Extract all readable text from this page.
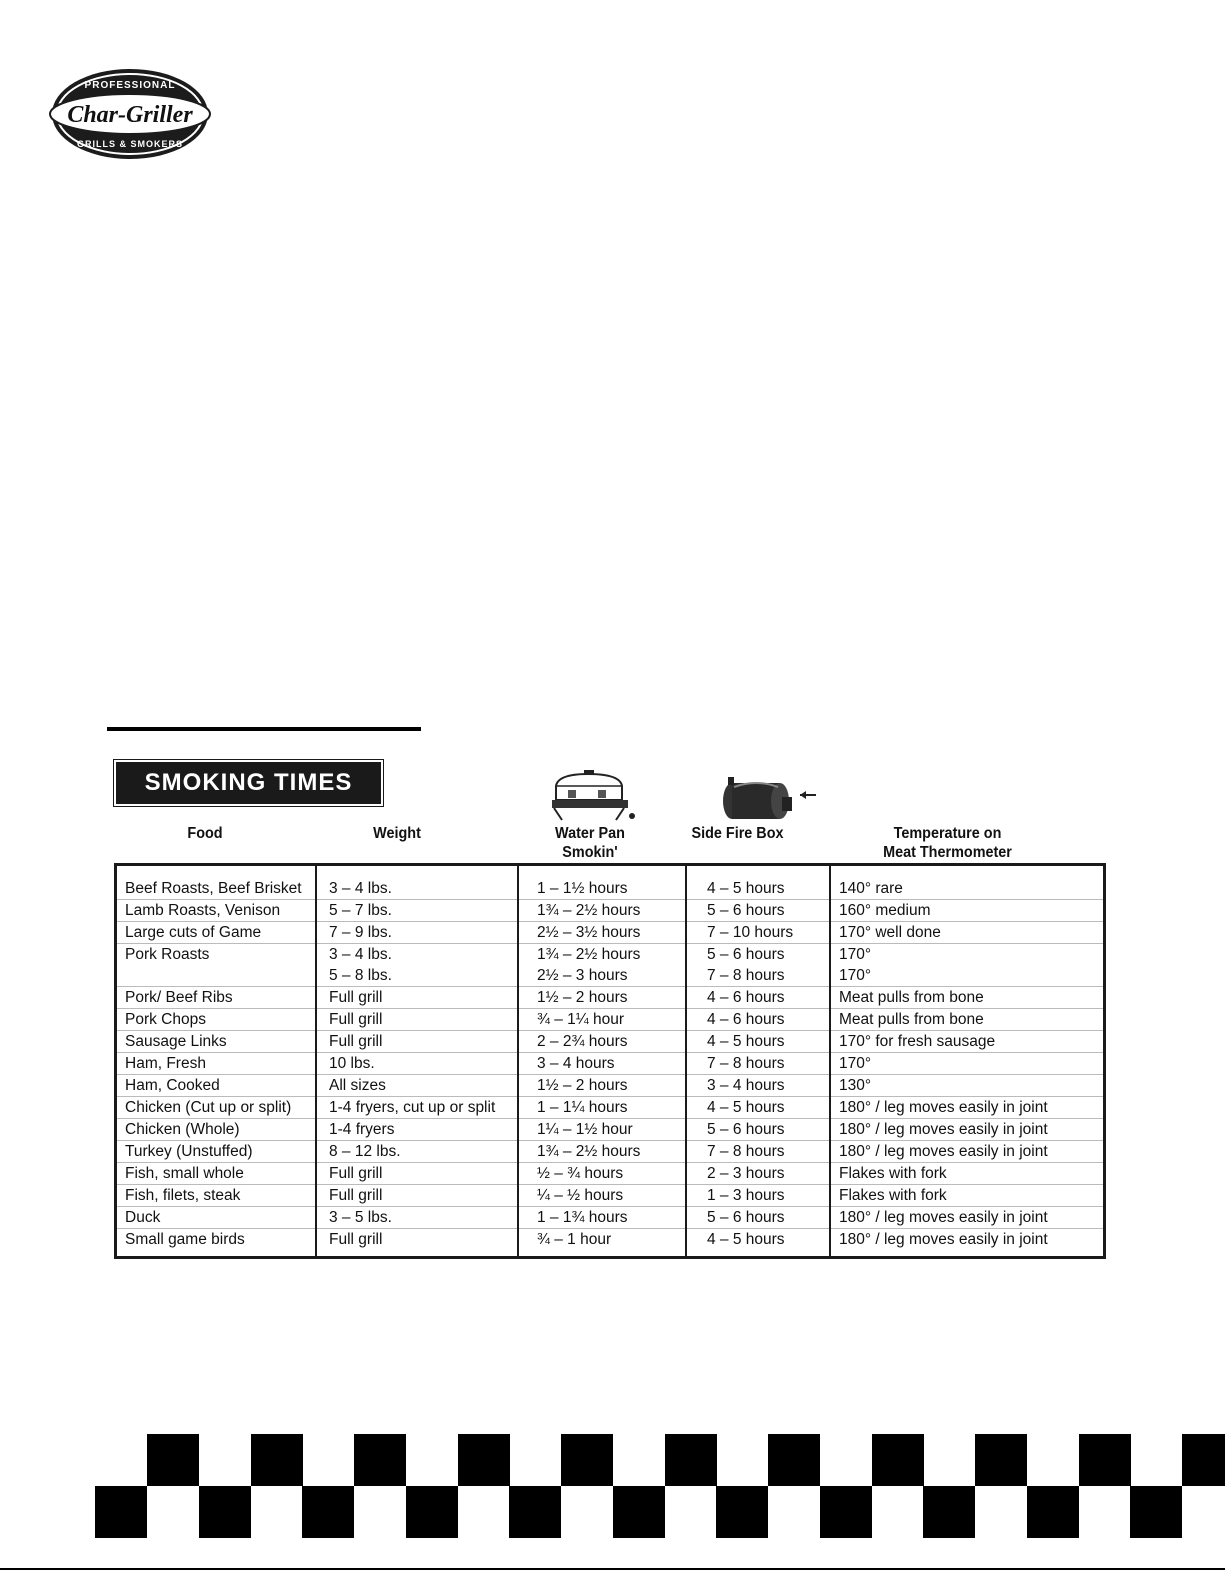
PROFESSIONAL
Char-Griller
GRILLS & SMOKERS
SMOKING TIMES
Food	Weight	Water Pan
Smokin'
Side Fire Box	Temperature on
Meat Thermometer
Beef Roasts, Beef Brisket	3 – 4 lbs.	1 – 1½ hours	4 – 5 hours	140° rare
Lamb Roasts, Venison	5 – 7 lbs.	1¾ – 2½ hours	5 – 6 hours	160° medium
Large cuts of Game	7 – 9 lbs.	2½ – 3½ hours	7 – 10 hours	170° well done
Pork Roasts	3 – 4 lbs.	1¾ – 2½ hours	5 – 6 hours	170°
	5 – 8 lbs.	2½ – 3 hours	7 – 8 hours	170°
Pork/ Beef Ribs	Full grill	1½ – 2 hours	4 – 6 hours	Meat pulls from bone
Pork Chops	Full grill	¾ – 1¼ hour	4 – 6 hours	Meat pulls from bone
Sausage Links	Full grill	2 – 2¾ hours	4 – 5 hours	170° for fresh sausage
Ham, Fresh	10 lbs.	3 – 4 hours	7 – 8 hours	170°
Ham, Cooked	All sizes	1½ – 2 hours	3 – 4 hours	130°
Chicken (Cut up or split)	1-4 fryers, cut up or split	1 – 1¼ hours	4 – 5 hours	180° / leg moves easily in joint
Chicken (Whole)	1-4 fryers	1¼ – 1½ hour	5 – 6 hours	180° / leg moves easily in joint
Turkey (Unstuffed)	8 – 12 lbs.	1¾ – 2½ hours	7 – 8 hours	180° / leg moves easily in joint
Fish, small whole	Full grill	½ – ¾ hours	2 – 3 hours	Flakes with fork
Fish, filets, steak	Full grill	¼ – ½ hours	1 – 3 hours	Flakes with fork
Duck	3 – 5 lbs.	1 – 1¾ hours	5 – 6 hours	180° / leg moves easily in joint
Small game birds	Full grill	¾ – 1 hour	4 – 5 hours	180° / leg moves easily in joint
